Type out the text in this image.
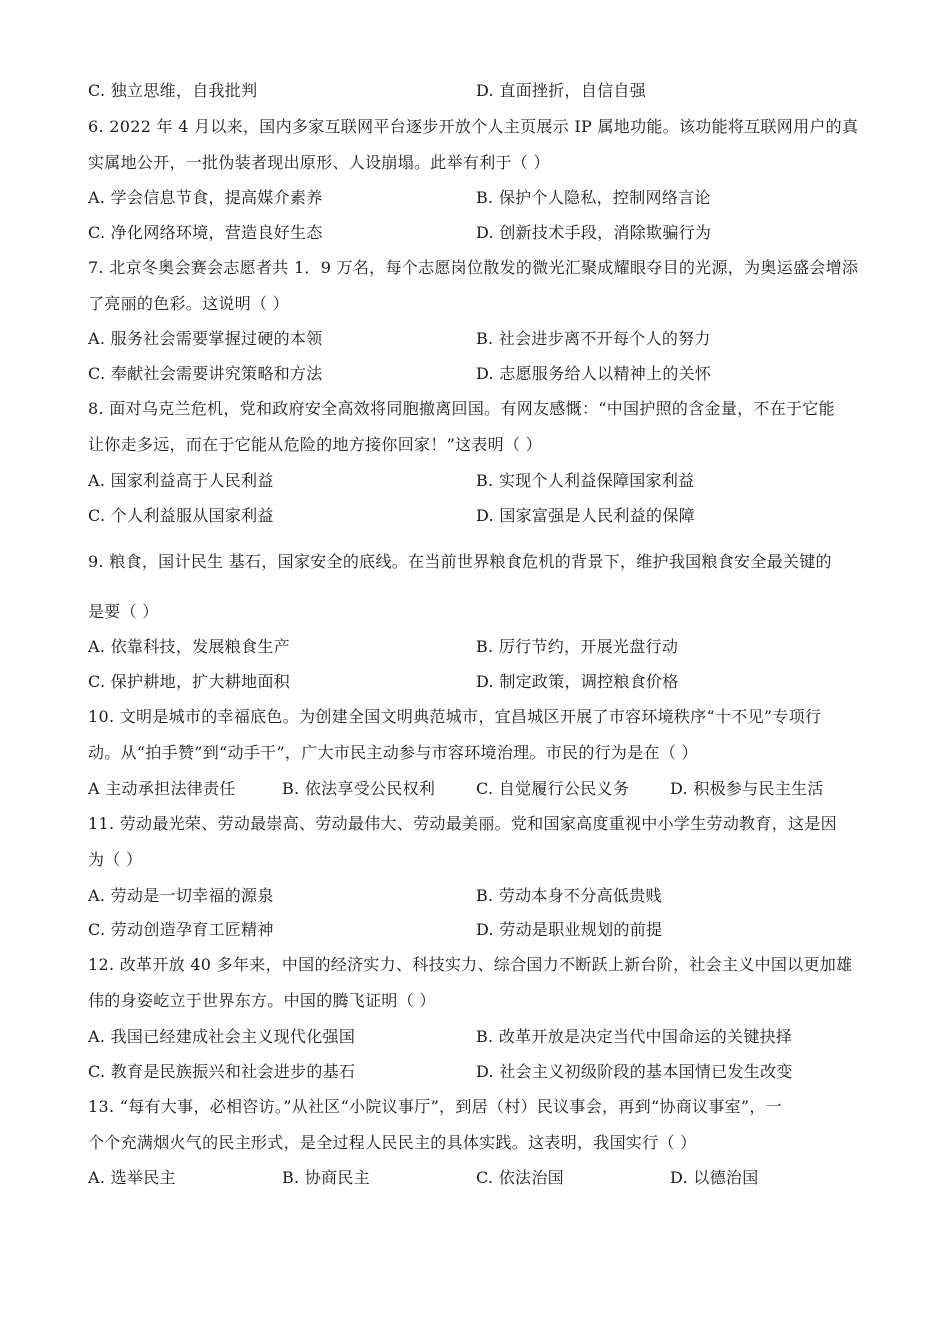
C. 独立思维，自我批判	D. 直面挫折，自信自强
6. 2022 年 4 月以来，国内多家互联网平台逐步开放个人主页展示 IP 属地功能。该功能将互联网用户的真
实属地公开，一批伪装者现出原形、人设崩塌。此举有利于（ ）
A. 学会信息节食，提高媒介素养	B. 保护个人隐私，控制网络言论
C. 净化网络环境，营造良好生态	D. 创新技术手段，消除欺骗行为
7. 北京冬奥会赛会志愿者共 1．9 万名，每个志愿岗位散发的微光汇聚成耀眼夺目的光源，为奥运盛会增添
了亮丽的色彩。这说明（ ）
A. 服务社会需要掌握过硬的本领	B. 社会进步离不开每个人的努力
C. 奉献社会需要讲究策略和方法	D. 志愿服务给人以精神上的关怀
8. 面对乌克兰危机，党和政府安全高效将同胞撤离回国。有网友感慨：“中国护照的含金量，不在于它能
让你走多远，而在于它能从危险的地方接你回家！”这表明（ ）
A. 国家利益高于人民利益	B. 实现个人利益保障国家利益
C. 个人利益服从国家利益	D. 国家富强是人民利益的保障
9. 粮食，国计民生 基石，国家安全的底线。在当前世界粮食危机的背景下，维护我国粮食安全最关键的
是要（ ）
A. 依靠科技，发展粮食生产	B. 厉行节约，开展光盘行动
C. 保护耕地，扩大耕地面积	D. 制定政策，调控粮食价格
10. 文明是城市的幸福底色。为创建全国文明典范城市，宜昌城区开展了市容环境秩序“十不见”专项行
动。从“拍手赞”到“动手干”，广大市民主动参与市容环境治理。市民的行为是在（ ）
A 主动承担法律责任	B. 依法享受公民权利	C. 自觉履行公民义务	D. 积极参与民主生活
11. 劳动最光荣、劳动最崇高、劳动最伟大、劳动最美丽。党和国家高度重视中小学生劳动教育，这是因
为（ ）
A. 劳动是一切幸福的源泉	B. 劳动本身不分高低贵贱
C. 劳动创造孕育工匠精神	D. 劳动是职业规划的前提
12. 改革开放 40 多年来，中国的经济实力、科技实力、综合国力不断跃上新台阶，社会主义中国以更加雄
伟的身姿屹立于世界东方。中国的腾飞证明（ ）
A. 我国已经建成社会主义现代化强国	B. 改革开放是决定当代中国命运的关键抉择
C. 教育是民族振兴和社会进步的基石	D. 社会主义初级阶段的基本国情已发生改变
13. “每有大事，必相咨访。”从社区“小院议事厅”，到居（村）民议事会，再到“协商议事室”，一
个个充满烟火气的民主形式，是全过程人民民主的具体实践。这表明，我国实行（ ）
A. 选举民主	B. 协商民主	C. 依法治国	D. 以德治国
